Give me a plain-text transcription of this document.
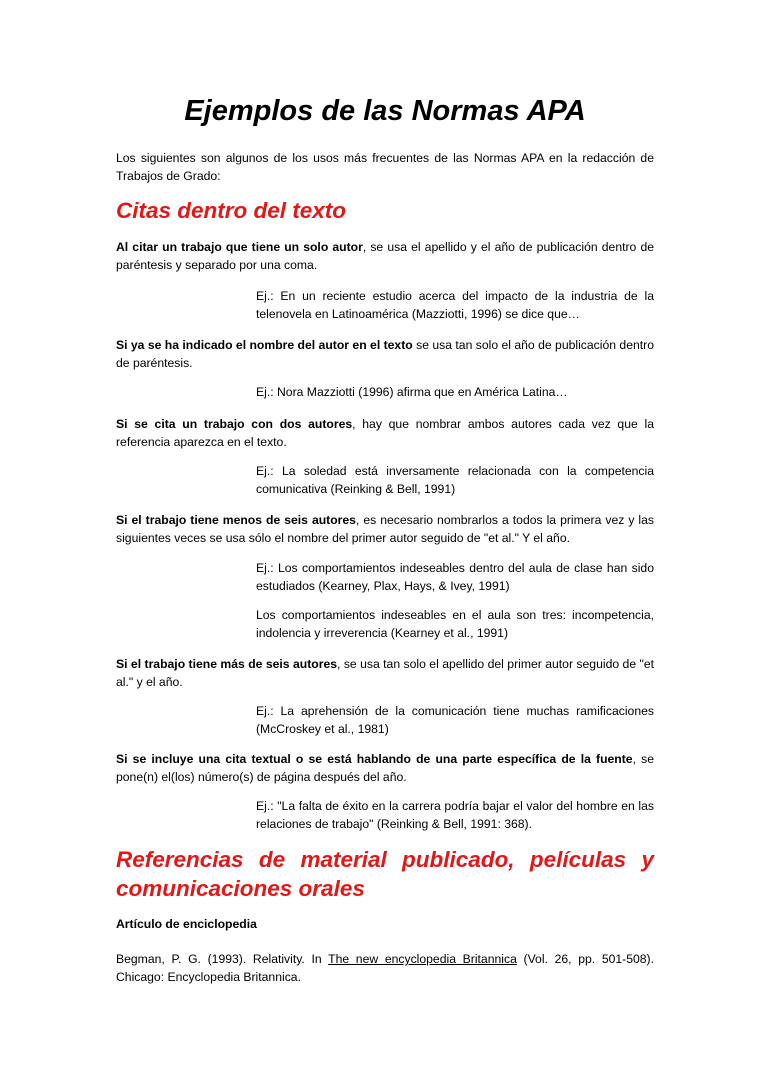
Ejemplos de las Normas APA

Los siguientes son algunos de los usos más frecuentes de las Normas APA en la redacción de Trabajos de Grado:

Citas dentro del texto

Al citar un trabajo que tiene un solo autor, se usa el apellido y el año de publicación dentro de paréntesis y separado por una coma.

Ej.: En un reciente estudio acerca del impacto de la industria de la telenovela en Latinoamérica (Mazziotti, 1996) se dice que…

Si ya se ha indicado el nombre del autor en el texto se usa tan solo el año de publicación dentro de paréntesis.

Ej.: Nora Mazziotti (1996) afirma que en América Latina…

Si se cita un trabajo con dos autores, hay que nombrar ambos autores cada vez que la referencia aparezca en el texto.

Ej.: La soledad está inversamente relacionada con la competencia comunicativa (Reinking & Bell, 1991)

Si el trabajo tiene menos de seis autores, es necesario nombrarlos a todos la primera vez y las siguientes veces se usa sólo el nombre del primer autor seguido de "et al." Y el año.

Ej.: Los comportamientos indeseables dentro del aula de clase han sido estudiados (Kearney, Plax, Hays, & Ivey, 1991)

Los comportamientos indeseables en el aula son tres: incompetencia, indolencia y irreverencia (Kearney et al., 1991)

Si el trabajo tiene más de seis autores, se usa tan solo el apellido del primer autor seguido de "et al." y el año.

Ej.: La aprehensión de la comunicación tiene muchas ramificaciones (McCroskey et al., 1981)

Si se incluye una cita textual o se está hablando de una parte específica de la fuente, se pone(n) el(los) número(s) de página después del año.

Ej.: "La falta de éxito en la carrera podría bajar el valor del hombre en las relaciones de trabajo" (Reinking & Bell, 1991: 368).

Referencias de material publicado, películas y comunicaciones orales

Artículo de enciclopedia

Begman, P. G. (1993). Relativity. In The new encyclopedia Britannica (Vol. 26, pp. 501-508). Chicago: Encyclopedia Britannica.
